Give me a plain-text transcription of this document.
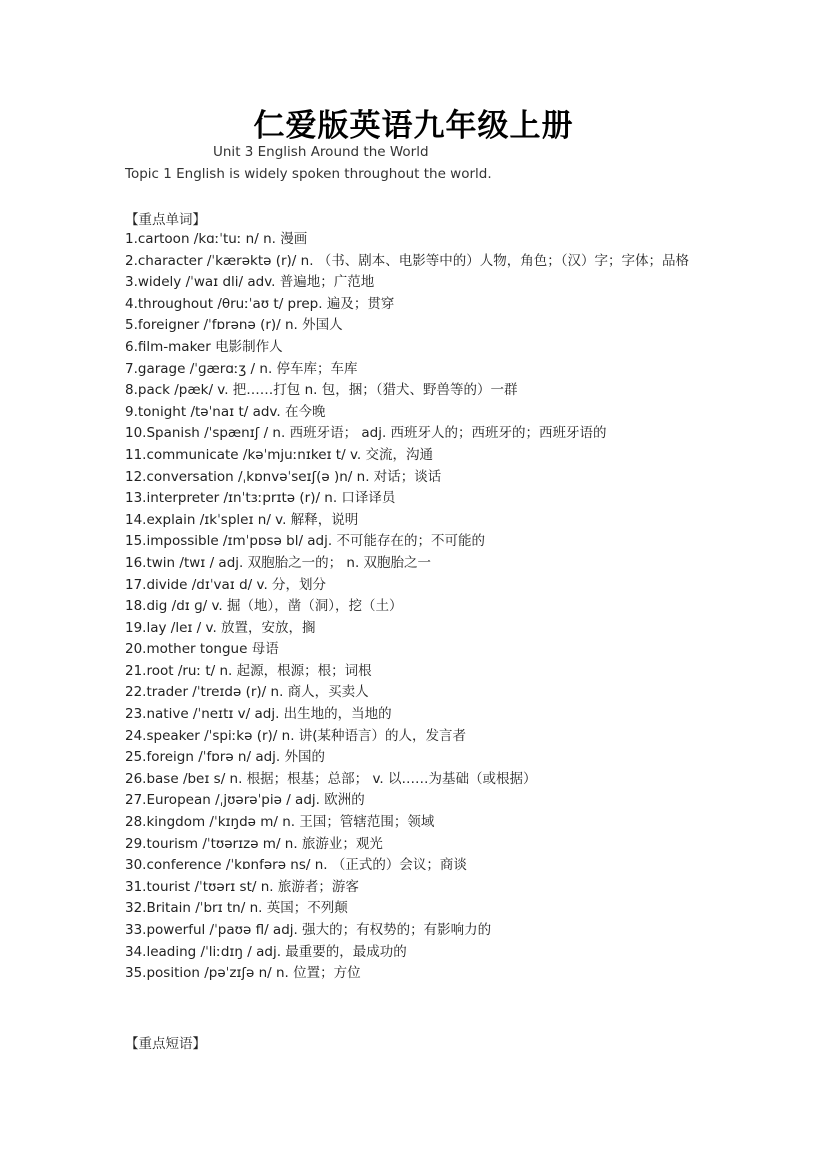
仁爱版英语九年级上册
Unit 3 English Around the World
Topic 1 English is widely spoken throughout the world.
【重点单词】
1.cartoon /kɑːˈtuː n/ n. 漫画
2.character /ˈkærəktə (r)/ n. （书、剧本、电影等中的）人物，角色；（汉）字；字体；品格
3.widely /ˈwaɪ dli/ adv. 普遍地；广范地
4.throughout /θruːˈaʊ t/ prep. 遍及；贯穿
5.foreigner /ˈfɒrənə (r)/ n. 外国人
6.film-maker 电影制作人
7.garage /ˈɡærɑːʒ / n. 停车库；车库
8.pack /pæk/ v. 把……打包 n. 包，捆；（猎犬、野兽等的）一群
9.tonight /təˈnaɪ t/ adv. 在今晚
10.Spanish /ˈspænɪʃ / n. 西班牙语； adj. 西班牙人的；西班牙的；西班牙语的
11.communicate /kəˈmjuːnɪkeɪ t/ v. 交流，沟通
12.conversation /ˌkɒnvəˈseɪʃ(ə )n/ n. 对话；谈话
13.interpreter /ɪnˈtɜːprɪtə (r)/ n. 口译译员
14.explain /ɪkˈspleɪ n/ v. 解释，说明
15.impossible /ɪmˈpɒsə bl/ adj. 不可能存在的；不可能的
16.twin /twɪ / adj. 双胞胎之一的； n. 双胞胎之一
17.divide /dɪˈvaɪ d/ v. 分，划分
18.dig /dɪ ɡ/ v. 掘（地），凿（洞），挖（土）
19.lay /leɪ / v. 放置，安放，搁
20.mother tongue 母语
21.root /ruː t/ n. 起源，根源；根；词根
22.trader /ˈtreɪdə (r)/ n. 商人，买卖人
23.native /ˈneɪtɪ v/ adj. 出生地的，当地的
24.speaker /ˈspiːkə (r)/ n. 讲(某种语言）的人，发言者
25.foreign /ˈfɒrə n/ adj. 外国的
26.base /beɪ s/ n. 根据；根基；总部； v. 以……为基础（或根据）
27.European /ˌjʊərəˈpiə / adj. 欧洲的
28.kingdom /ˈkɪŋdə m/ n. 王国；管辖范围；领域
29.tourism /ˈtʊərɪzə m/ n. 旅游业；观光
30.conference /ˈkɒnfərə ns/ n. （正式的）会议；商谈
31.tourist /ˈtʊərɪ st/ n. 旅游者；游客
32.Britain /ˈbrɪ tn/ n. 英国；不列颠
33.powerful /ˈpaʊə fl/ adj. 强大的；有权势的；有影响力的
34.leading /ˈliːdɪŋ / adj. 最重要的，最成功的
35.position /pəˈzɪʃə n/ n. 位置；方位
【重点短语】
